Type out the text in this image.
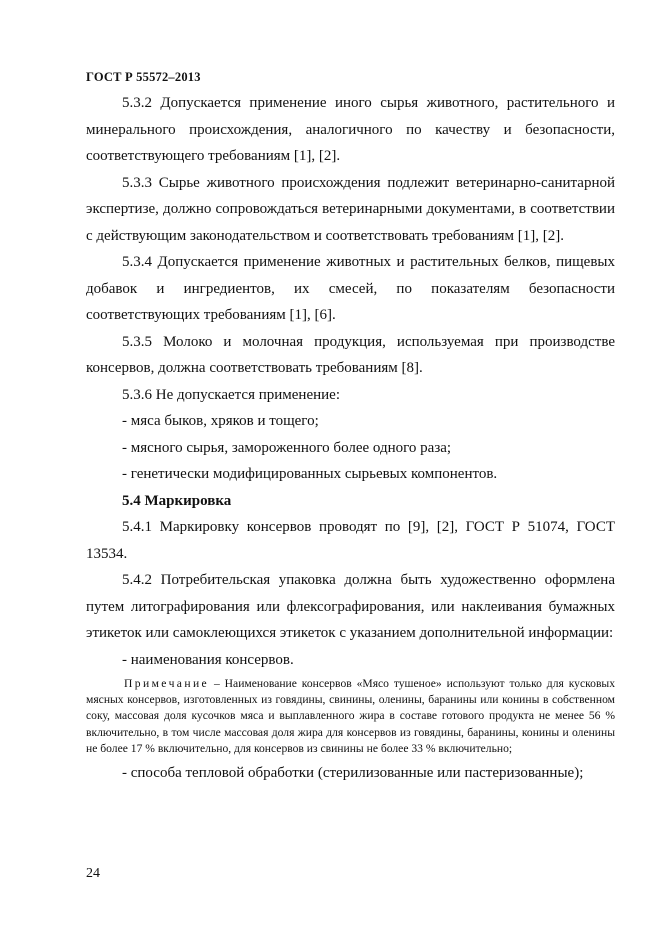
ГОСТ Р 55572–2013

5.3.2 Допускается применение иного сырья животного, растительного и минерального происхождения, аналогичного по качеству и безопасности, соответствующего требованиям [1], [2].

5.3.3 Сырье животного происхождения подлежит ветеринарно-санитарной экспертизе, должно сопровождаться ветеринарными документами, в соответствии с действующим законодательством и соответствовать требованиям [1], [2].

5.3.4 Допускается применение животных и растительных белков, пищевых добавок и ингредиентов, их смесей, по показателям безопасности соответствующих требованиям [1], [6].

5.3.5 Молоко и молочная продукция, используемая при производстве консервов, должна соответствовать требованиям [8].

5.3.6 Не допускается применение:

- мяса быков, хряков и тощего;

- мясного сырья, замороженного более одного раза;

- генетически модифицированных сырьевых компонентов.

5.4 Маркировка

5.4.1 Маркировку консервов проводят по [9], [2], ГОСТ Р 51074, ГОСТ 13534.

5.4.2 Потребительская упаковка должна быть художественно оформлена путем литографирования или флексографирования, или наклеивания бумажных этикеток или самоклеющихся этикеток с указанием дополнительной информации:

- наименования консервов.

Примечание – Наименование консервов «Мясо тушеное» используют только для кусковых мясных консервов, изготовленных из говядины, свинины, оленины, баранины или конины в собственном соку, массовая доля кусочков мяса и выплавленного жира в составе готового продукта не менее 56 % включительно, в том числе массовая доля жира для консервов из говядины, баранины, конины и оленины не более 17 % включительно, для консервов из свинины не более 33 % включительно;

- способа тепловой обработки (стерилизованные или пастеризованные);

24
